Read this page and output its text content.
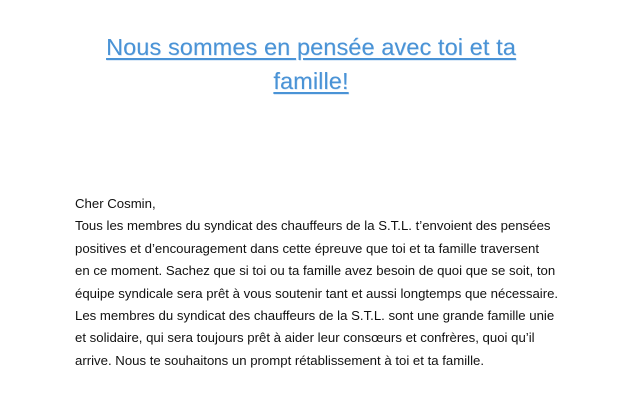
Nous sommes en pensée avec toi et ta
famille!

Cher Cosmin,

Tous les membres du syndicat des chauffeurs de la S.T.L. t’envoient des pensées
positives et d’encouragement dans cette épreuve que toi et ta famille traversent
en ce moment. Sachez que si toi ou ta famille avez besoin de quoi que se soit, ton
équipe syndicale sera prêt à vous soutenir tant et aussi longtemps que nécessaire.

Les membres du syndicat des chauffeurs de la S.T.L. sont une grande famille unie
et solidaire, qui sera toujours prêt à aider leur consœurs et confrères, quoi qu’il
arrive. Nous te souhaitons un prompt rétablissement à toi et ta famille.
